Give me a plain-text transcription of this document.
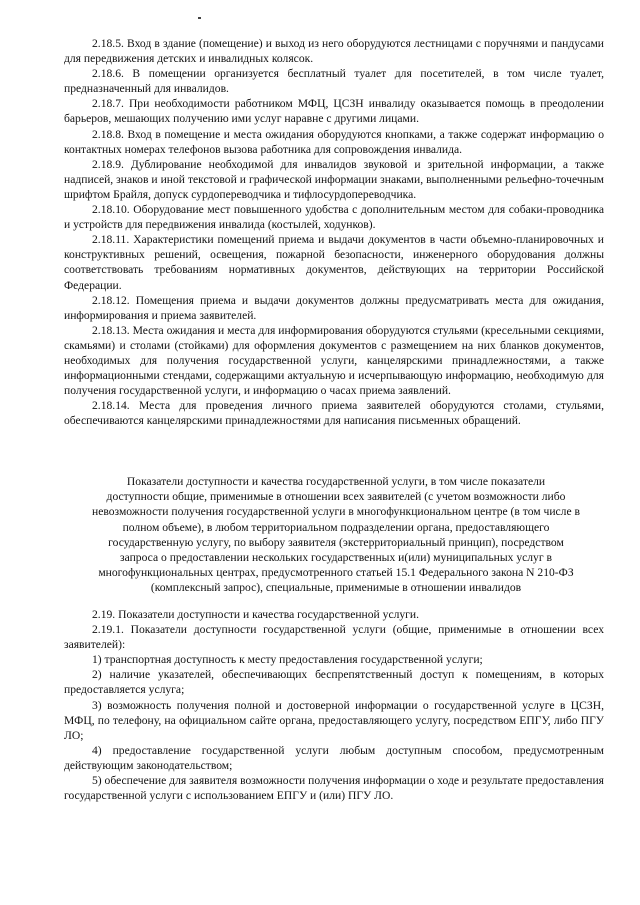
2.18.5. Вход в здание (помещение) и выход из него оборудуются лестницами с поручнями и пандусами для передвижения детских и инвалидных колясок.

2.18.6. В помещении организуется бесплатный туалет для посетителей, в том числе туалет, предназначенный для инвалидов.

2.18.7. При необходимости работником МФЦ, ЦСЗН инвалиду оказывается помощь в преодолении барьеров, мешающих получению ими услуг наравне с другими лицами.

2.18.8. Вход в помещение и места ожидания оборудуются кнопками, а также содержат информацию о контактных номерах телефонов вызова работника для сопровождения инвалида.

2.18.9. Дублирование необходимой для инвалидов звуковой и зрительной информации, а также надписей, знаков и иной текстовой и графической информации знаками, выполненными рельефно-точечным шрифтом Брайля, допуск сурдопереводчика и тифлосурдопереводчика.

2.18.10. Оборудование мест повышенного удобства с дополнительным местом для собаки-проводника и устройств для передвижения инвалида (костылей, ходунков).

2.18.11. Характеристики помещений приема и выдачи документов в части объемно-планировочных и конструктивных решений, освещения, пожарной безопасности, инженерного оборудования должны соответствовать требованиям нормативных документов, действующих на территории Российской Федерации.

2.18.12. Помещения приема и выдачи документов должны предусматривать места для ожидания, информирования и приема заявителей.

2.18.13. Места ожидания и места для информирования оборудуются стульями (кресельными секциями, скамьями) и столами (стойками) для оформления документов с размещением на них бланков документов, необходимых для получения государственной услуги, канцелярскими принадлежностями, а также информационными стендами, содержащими актуальную и исчерпывающую информацию, необходимую для получения государственной услуги, и информацию о часах приема заявлений.

2.18.14. Места для проведения личного приема заявителей оборудуются столами, стульями, обеспечиваются канцелярскими принадлежностями для написания письменных обращений.

Показатели доступности и качества государственной услуги, в том числе показатели
доступности общие, применимые в отношении всех заявителей (с учетом возможности либо
невозможности получения государственной услуги в многофункциональном центре (в том числе в
полном объеме), в любом территориальном подразделении органа, предоставляющего
государственную услугу, по выбору заявителя (экстерриториальный принцип), посредством
запроса о предоставлении нескольких государственных и(или) муниципальных услуг в
многофункциональных центрах, предусмотренного статьей 15.1 Федерального закона N 210-ФЗ
(комплексный запрос), специальные, применимые в отношении инвалидов

2.19. Показатели доступности и качества государственной услуги.

2.19.1. Показатели доступности государственной услуги (общие, применимые в отношении всех заявителей):

1) транспортная доступность к месту предоставления государственной услуги;

2) наличие указателей, обеспечивающих беспрепятственный доступ к помещениям, в которых предоставляется услуга;

3) возможность получения полной и достоверной информации о государственной услуге в ЦСЗН, МФЦ, по телефону, на официальном сайте органа, предоставляющего услугу, посредством ЕПГУ, либо ПГУ ЛО;

4) предоставление государственной услуги любым доступным способом, предусмотренным действующим законодательством;

5) обеспечение для заявителя возможности получения информации о ходе и результате предоставления государственной услуги с использованием ЕПГУ и (или) ПГУ ЛО.
